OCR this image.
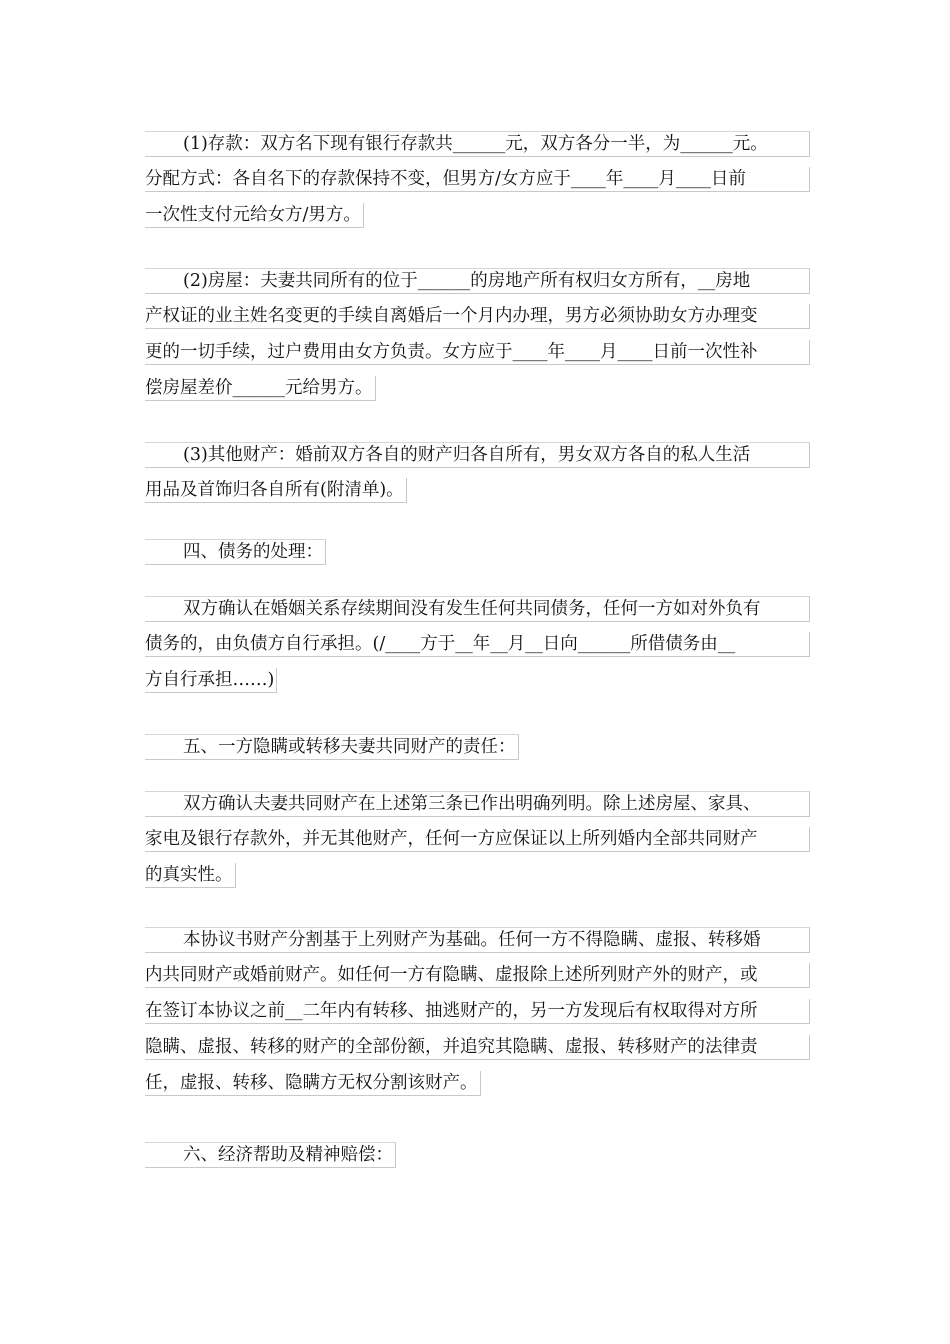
(1)存款：双方名下现有银行存款共______元，双方各分一半，为______元。
分配方式：各自名下的存款保持不变，但男方/女方应于____年____月____日前
一次性支付元给女方/男方。
(2)房屋：夫妻共同所有的位于______的房地产所有权归女方所有，__房地
产权证的业主姓名变更的手续自离婚后一个月内办理，男方必须协助女方办理变
更的一切手续，过户费用由女方负责。女方应于____年____月____日前一次性补
偿房屋差价______元给男方。
(3)其他财产：婚前双方各自的财产归各自所有，男女双方各自的私人生活
用品及首饰归各自所有(附清单)。
四、债务的处理：
双方确认在婚姻关系存续期间没有发生任何共同债务，任何一方如对外负有
债务的，由负债方自行承担。(/____方于__年__月__日向______所借债务由__
方自行承担……)
五、一方隐瞒或转移夫妻共同财产的责任：
双方确认夫妻共同财产在上述第三条已作出明确列明。除上述房屋、家具、
家电及银行存款外，并无其他财产，任何一方应保证以上所列婚内全部共同财产
的真实性。
本协议书财产分割基于上列财产为基础。任何一方不得隐瞒、虚报、转移婚
内共同财产或婚前财产。如任何一方有隐瞒、虚报除上述所列财产外的财产，或
在签订本协议之前__二年内有转移、抽逃财产的，另一方发现后有权取得对方所
隐瞒、虚报、转移的财产的全部份额，并追究其隐瞒、虚报、转移财产的法律责
任，虚报、转移、隐瞒方无权分割该财产。
六、经济帮助及精神赔偿：
